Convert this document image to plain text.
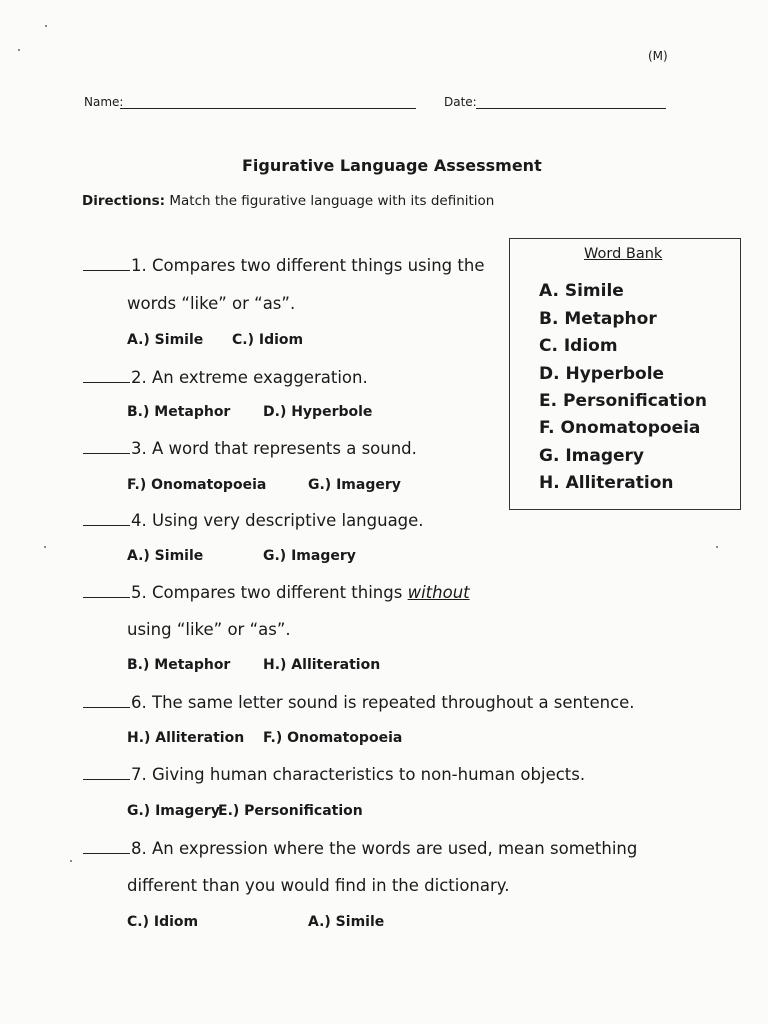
(M)
Name:	Date:
Figurative Language Assessment
Directions: Match the figurative language with its definition
Word Bank
A. Simile
B. Metaphor
C. Idiom
D. Hyperbole
E. Personification
F. Onomatopoeia
G. Imagery
H. Alliteration
1. Compares two different things using the
words “like” or “as”.
A.) Simile C.) Idiom
2. An extreme exaggeration.
B.) Metaphor D.) Hyperbole
3. A word that represents a sound.
F.) Onomatopoeia	G.) Imagery
4. Using very descriptive language.
A.) Simile	G.) Imagery
5. Compares two different things without
using “like” or “as”.
B.) Metaphor H.) Alliteration
6. The same letter sound is repeated throughout a sentence.
H.) Alliteration F.) Onomatopoeia
7. Giving human characteristics to non-human objects.
G.) Imagery
E.) Personification
8. An expression where the words are used, mean something
different than you would find in the dictionary.
C.) Idiom	A.) Simile
